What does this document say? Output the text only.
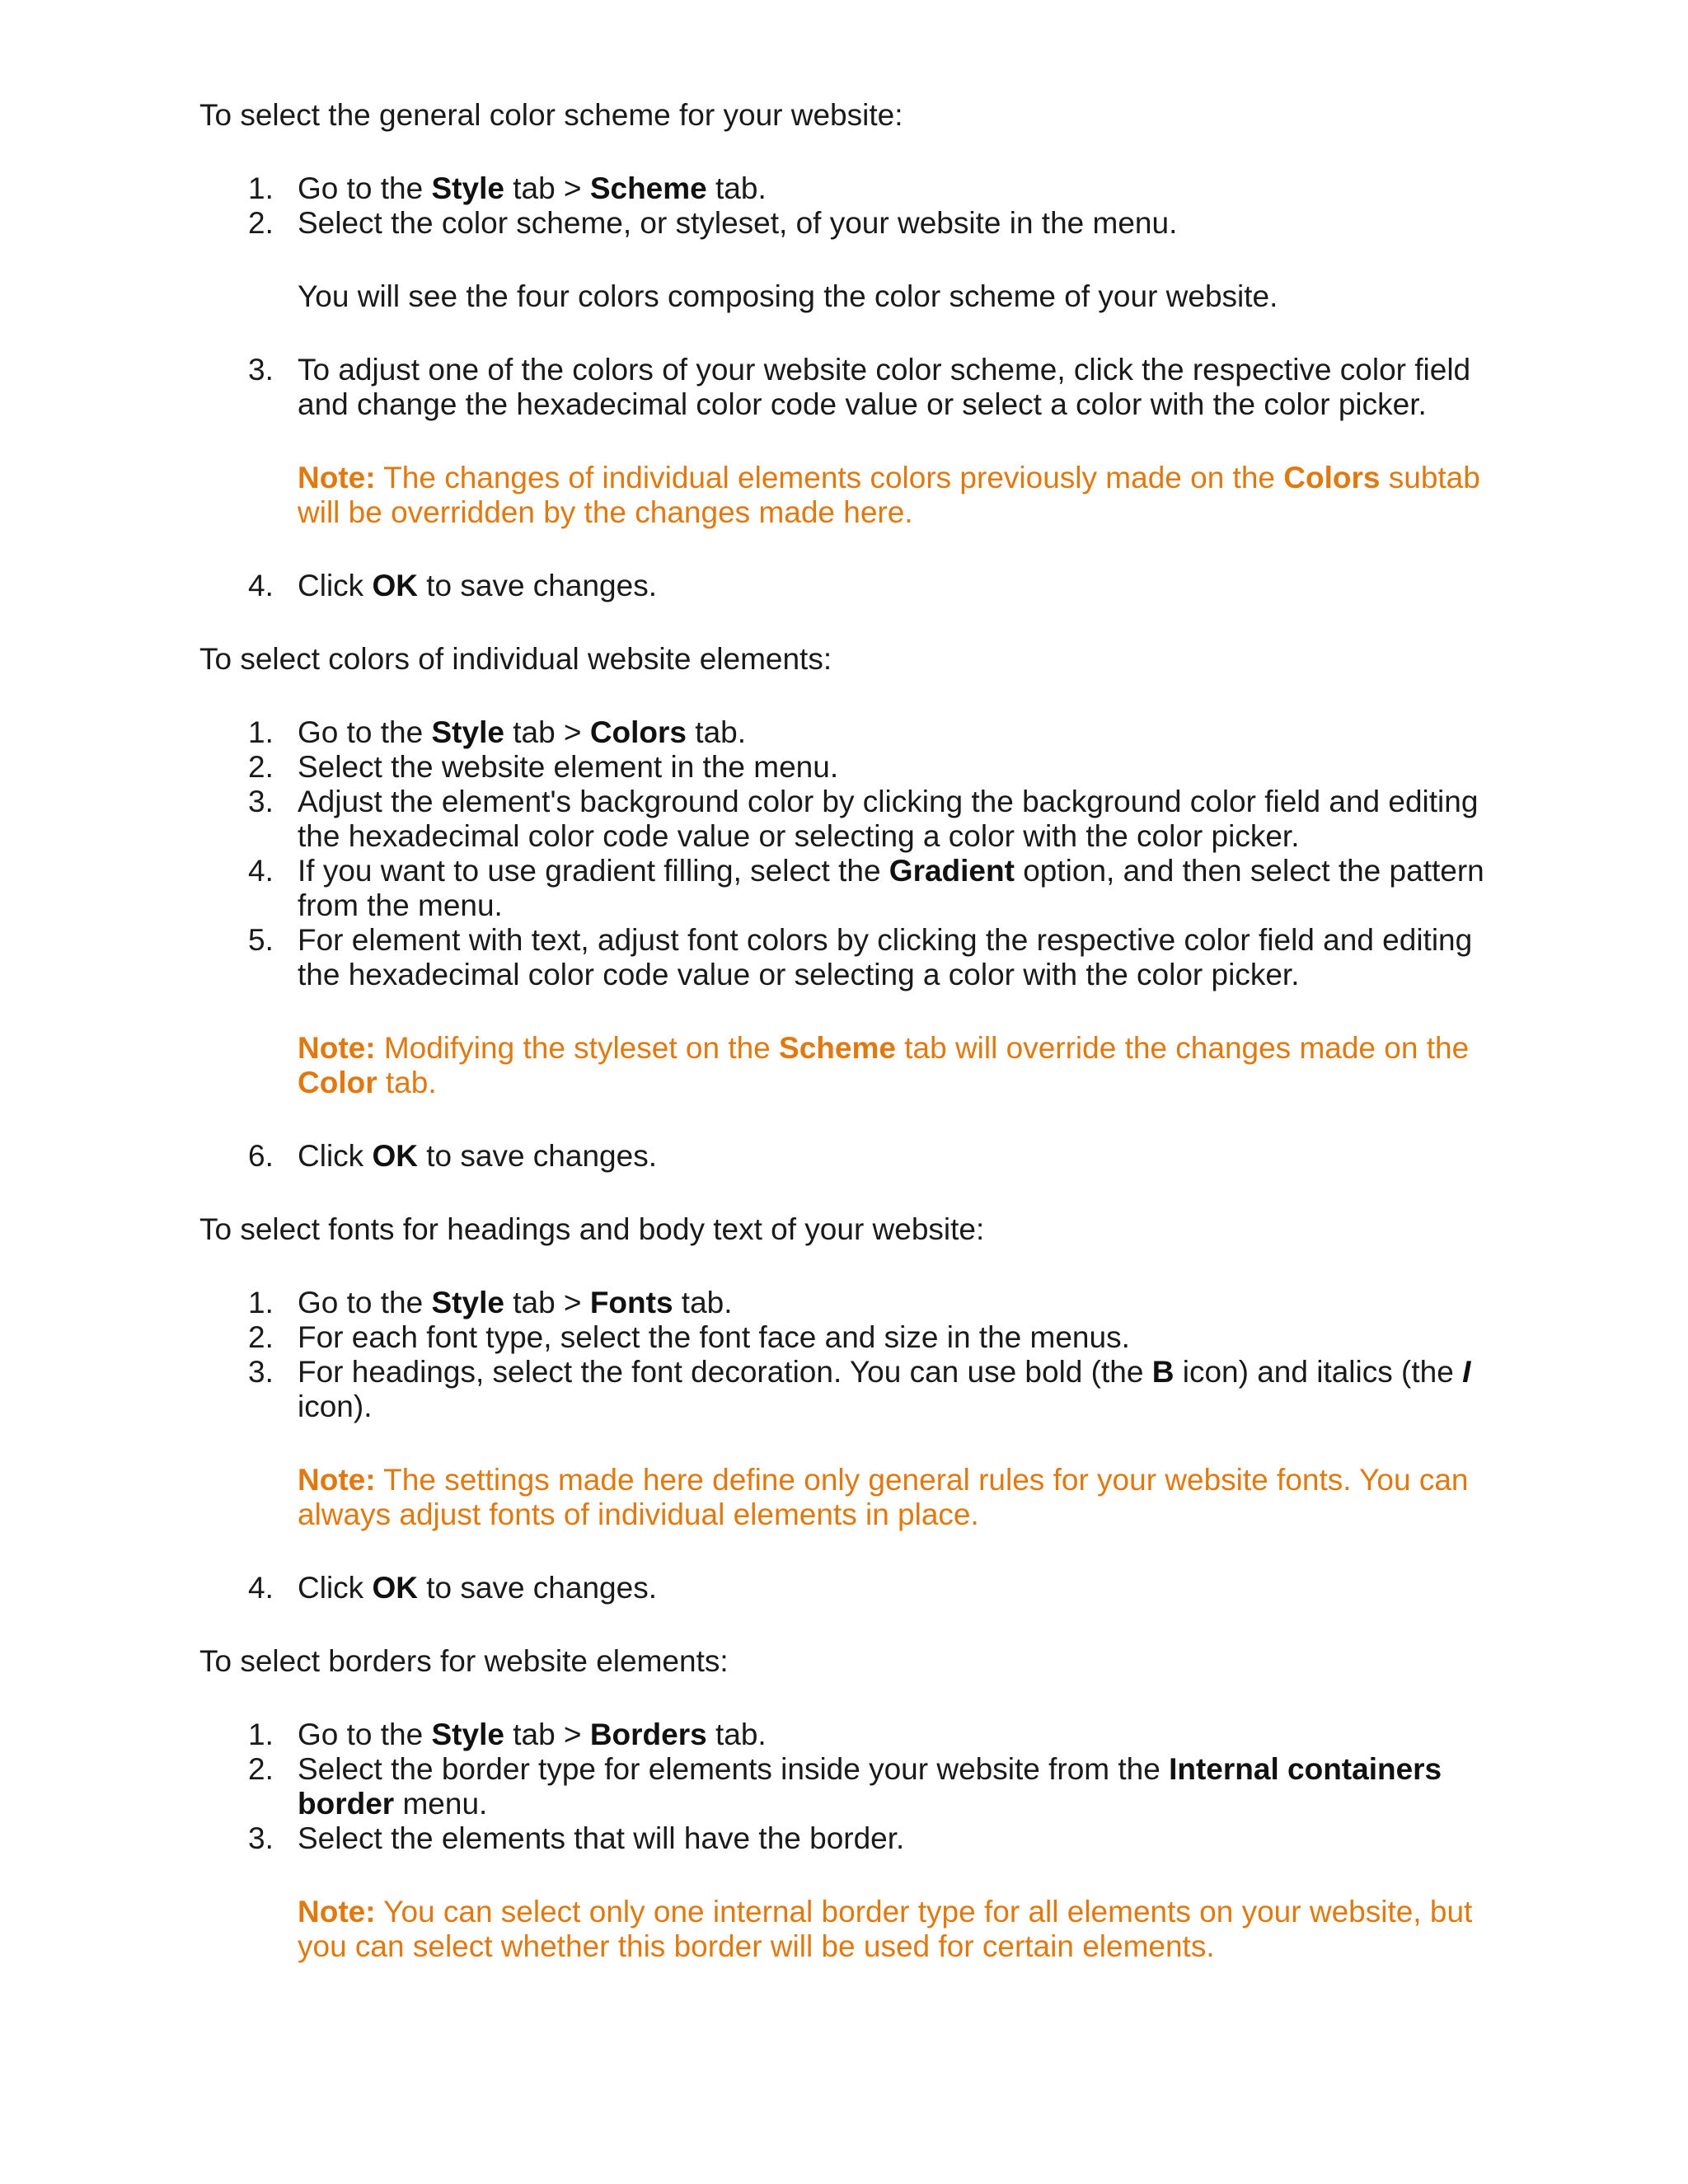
To select the general color scheme for your website:

1. Go to the Style tab > Scheme tab.
2. Select the color scheme, or styleset, of your website in the menu.

You will see the four colors composing the color scheme of your website.

3. To adjust one of the colors of your website color scheme, click the respective color field and change the hexadecimal color code value or select a color with the color picker.

Note: The changes of individual elements colors previously made on the Colors subtab will be overridden by the changes made here.

4. Click OK to save changes.

To select colors of individual website elements:

1. Go to the Style tab > Colors tab.
2. Select the website element in the menu.
3. Adjust the element's background color by clicking the background color field and editing the hexadecimal color code value or selecting a color with the color picker.
4. If you want to use gradient filling, select the Gradient option, and then select the pattern from the menu.
5. For element with text, adjust font colors by clicking the respective color field and editing the hexadecimal color code value or selecting a color with the color picker.

Note: Modifying the styleset on the Scheme tab will override the changes made on the Color tab.

6. Click OK to save changes.

To select fonts for headings and body text of your website:

1. Go to the Style tab > Fonts tab.
2. For each font type, select the font face and size in the menus.
3. For headings, select the font decoration. You can use bold (the B icon) and italics (the I icon).

Note: The settings made here define only general rules for your website fonts. You can always adjust fonts of individual elements in place.

4. Click OK to save changes.

To select borders for website elements:

1. Go to the Style tab > Borders tab.
2. Select the border type for elements inside your website from the Internal containers border menu.
3. Select the elements that will have the border.

Note: You can select only one internal border type for all elements on your website, but you can select whether this border will be used for certain elements.
